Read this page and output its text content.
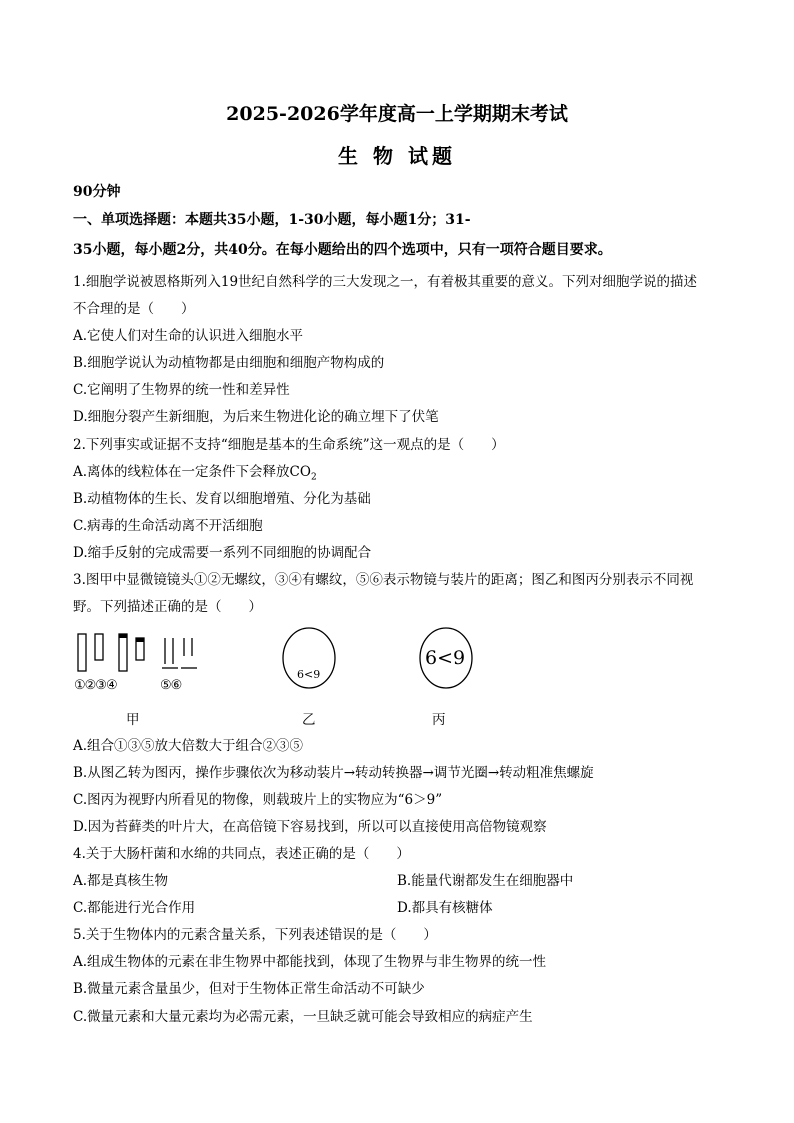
2025-2026学年度高一上学期期末考试
生 物 试题
90分钟
一、单项选择题：本题共35小题，1-30小题，每小题1分；31-
35小题，每小题2分，共40分。在每小题给出的四个选项中，只有一项符合题目要求。
1.细胞学说被恩格斯列入19世纪自然科学的三大发现之一，有着极其重要的意义。下列对细胞学说的描述
不合理的是（　　）
A.它使人们对生命的认识进入细胞水平
B.细胞学说认为动植物都是由细胞和细胞产物构成的
C.它阐明了生物界的统一性和差异性
D.细胞分裂产生新细胞，为后来生物进化论的确立埋下了伏笔
2.下列事实或证据不支持“细胞是基本的生命系统”这一观点的是（　　）
A.离体的线粒体在一定条件下会释放$CO_2$
B.动植物体的生长、发育以细胞增殖、分化为基础
C.病毒的生命活动离不开活细胞
D.缩手反射的完成需要一系列不同细胞的协调配合
3.图甲中显微镜镜头①②无螺纹，③④有螺纹，⑤⑥表示物镜与装片的距离；图乙和图丙分别表示不同视
野。下列描述正确的是（　　）
①②③④	⑤⑥
甲	乙	丙
6<9
6<9
A.组合①③⑤放大倍数大于组合②③⑤
B.从图乙转为图丙，操作步骤依次为移动装片→转动转换器→调节光圈→转动粗准焦螺旋
C.图丙为视野内所看见的物像，则载玻片上的实物应为“6＞9”
D.因为苔藓类的叶片大，在高倍镜下容易找到，所以可以直接使用高倍物镜观察
4.关于大肠杆菌和水绵的共同点，表述正确的是（　　）
A.都是真核生物	B.能量代谢都发生在细胞器中
C.都能进行光合作用	D.都具有核糖体
5.关于生物体内的元素含量关系，下列表述错误的是（　　）
A.组成生物体的元素在非生物界中都能找到，体现了生物界与非生物界的统一性
B.微量元素含量虽少，但对于生物体正常生命活动不可缺少
C.微量元素和大量元素均为必需元素，一旦缺乏就可能会导致相应的病症产生
